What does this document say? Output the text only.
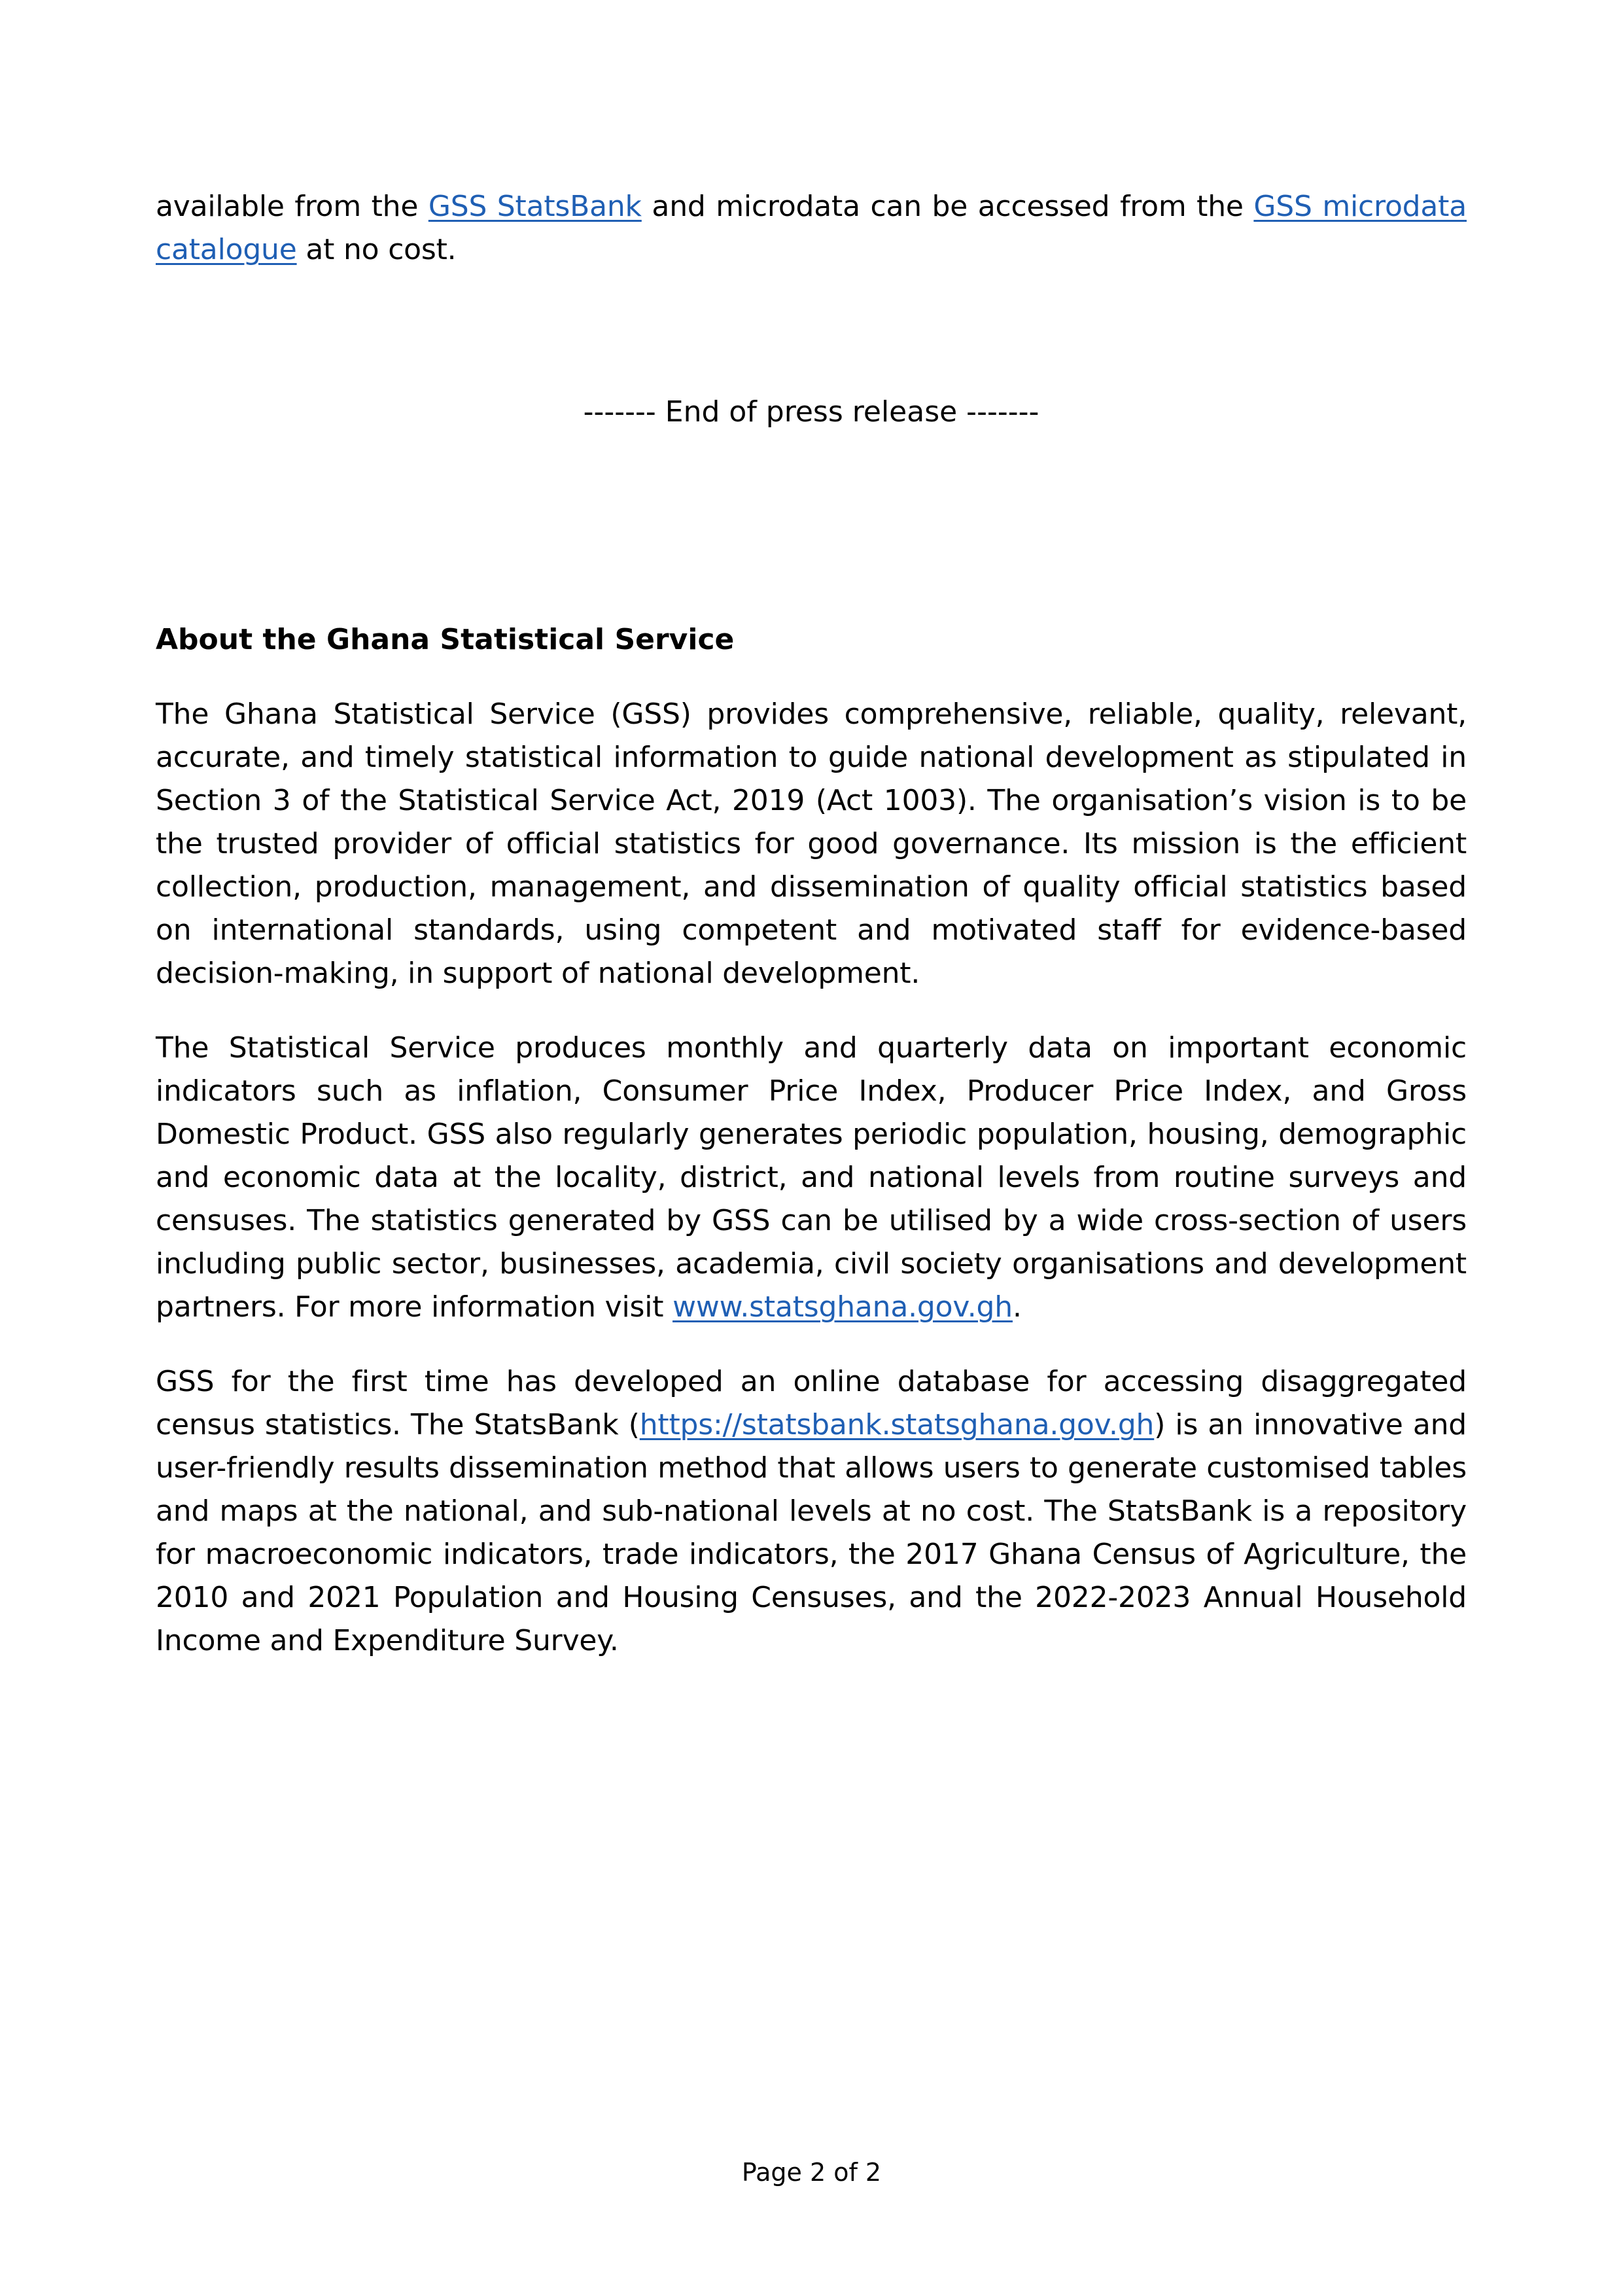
available from the GSS StatsBank and microdata can be accessed from the GSS microdata catalogue at no cost.

------- End of press release -------
About the Ghana Statistical Service

The Ghana Statistical Service (GSS) provides comprehensive, reliable, quality, relevant, accurate, and timely statistical information to guide national development as stipulated in Section 3 of the Statistical Service Act, 2019 (Act 1003). The organisation’s vision is to be the trusted provider of official statistics for good governance. Its mission is the efficient collection, production, management, and dissemination of quality official statistics based on international standards, using competent and motivated staff for evidence-based decision-making, in support of national development.

The Statistical Service produces monthly and quarterly data on important economic indicators such as inflation, Consumer Price Index, Producer Price Index, and Gross Domestic Product. GSS also regularly generates periodic population, housing, demographic and economic data at the locality, district, and national levels from routine surveys and censuses. The statistics generated by GSS can be utilised by a wide cross-section of users including public sector, businesses, academia, civil society organisations and development partners. For more information visit www.statsghana.gov.gh.

GSS for the first time has developed an online database for accessing disaggregated census statistics. The StatsBank (https://statsbank.statsghana.gov.gh) is an innovative and user-friendly results dissemination method that allows users to generate customised tables and maps at the national, and sub-national levels at no cost. The StatsBank is a repository for macroeconomic indicators, trade indicators, the 2017 Ghana Census of Agriculture, the 2010 and 2021 Population and Housing Censuses, and the 2022-2023 Annual Household Income and Expenditure Survey.

Page 2 of 2
